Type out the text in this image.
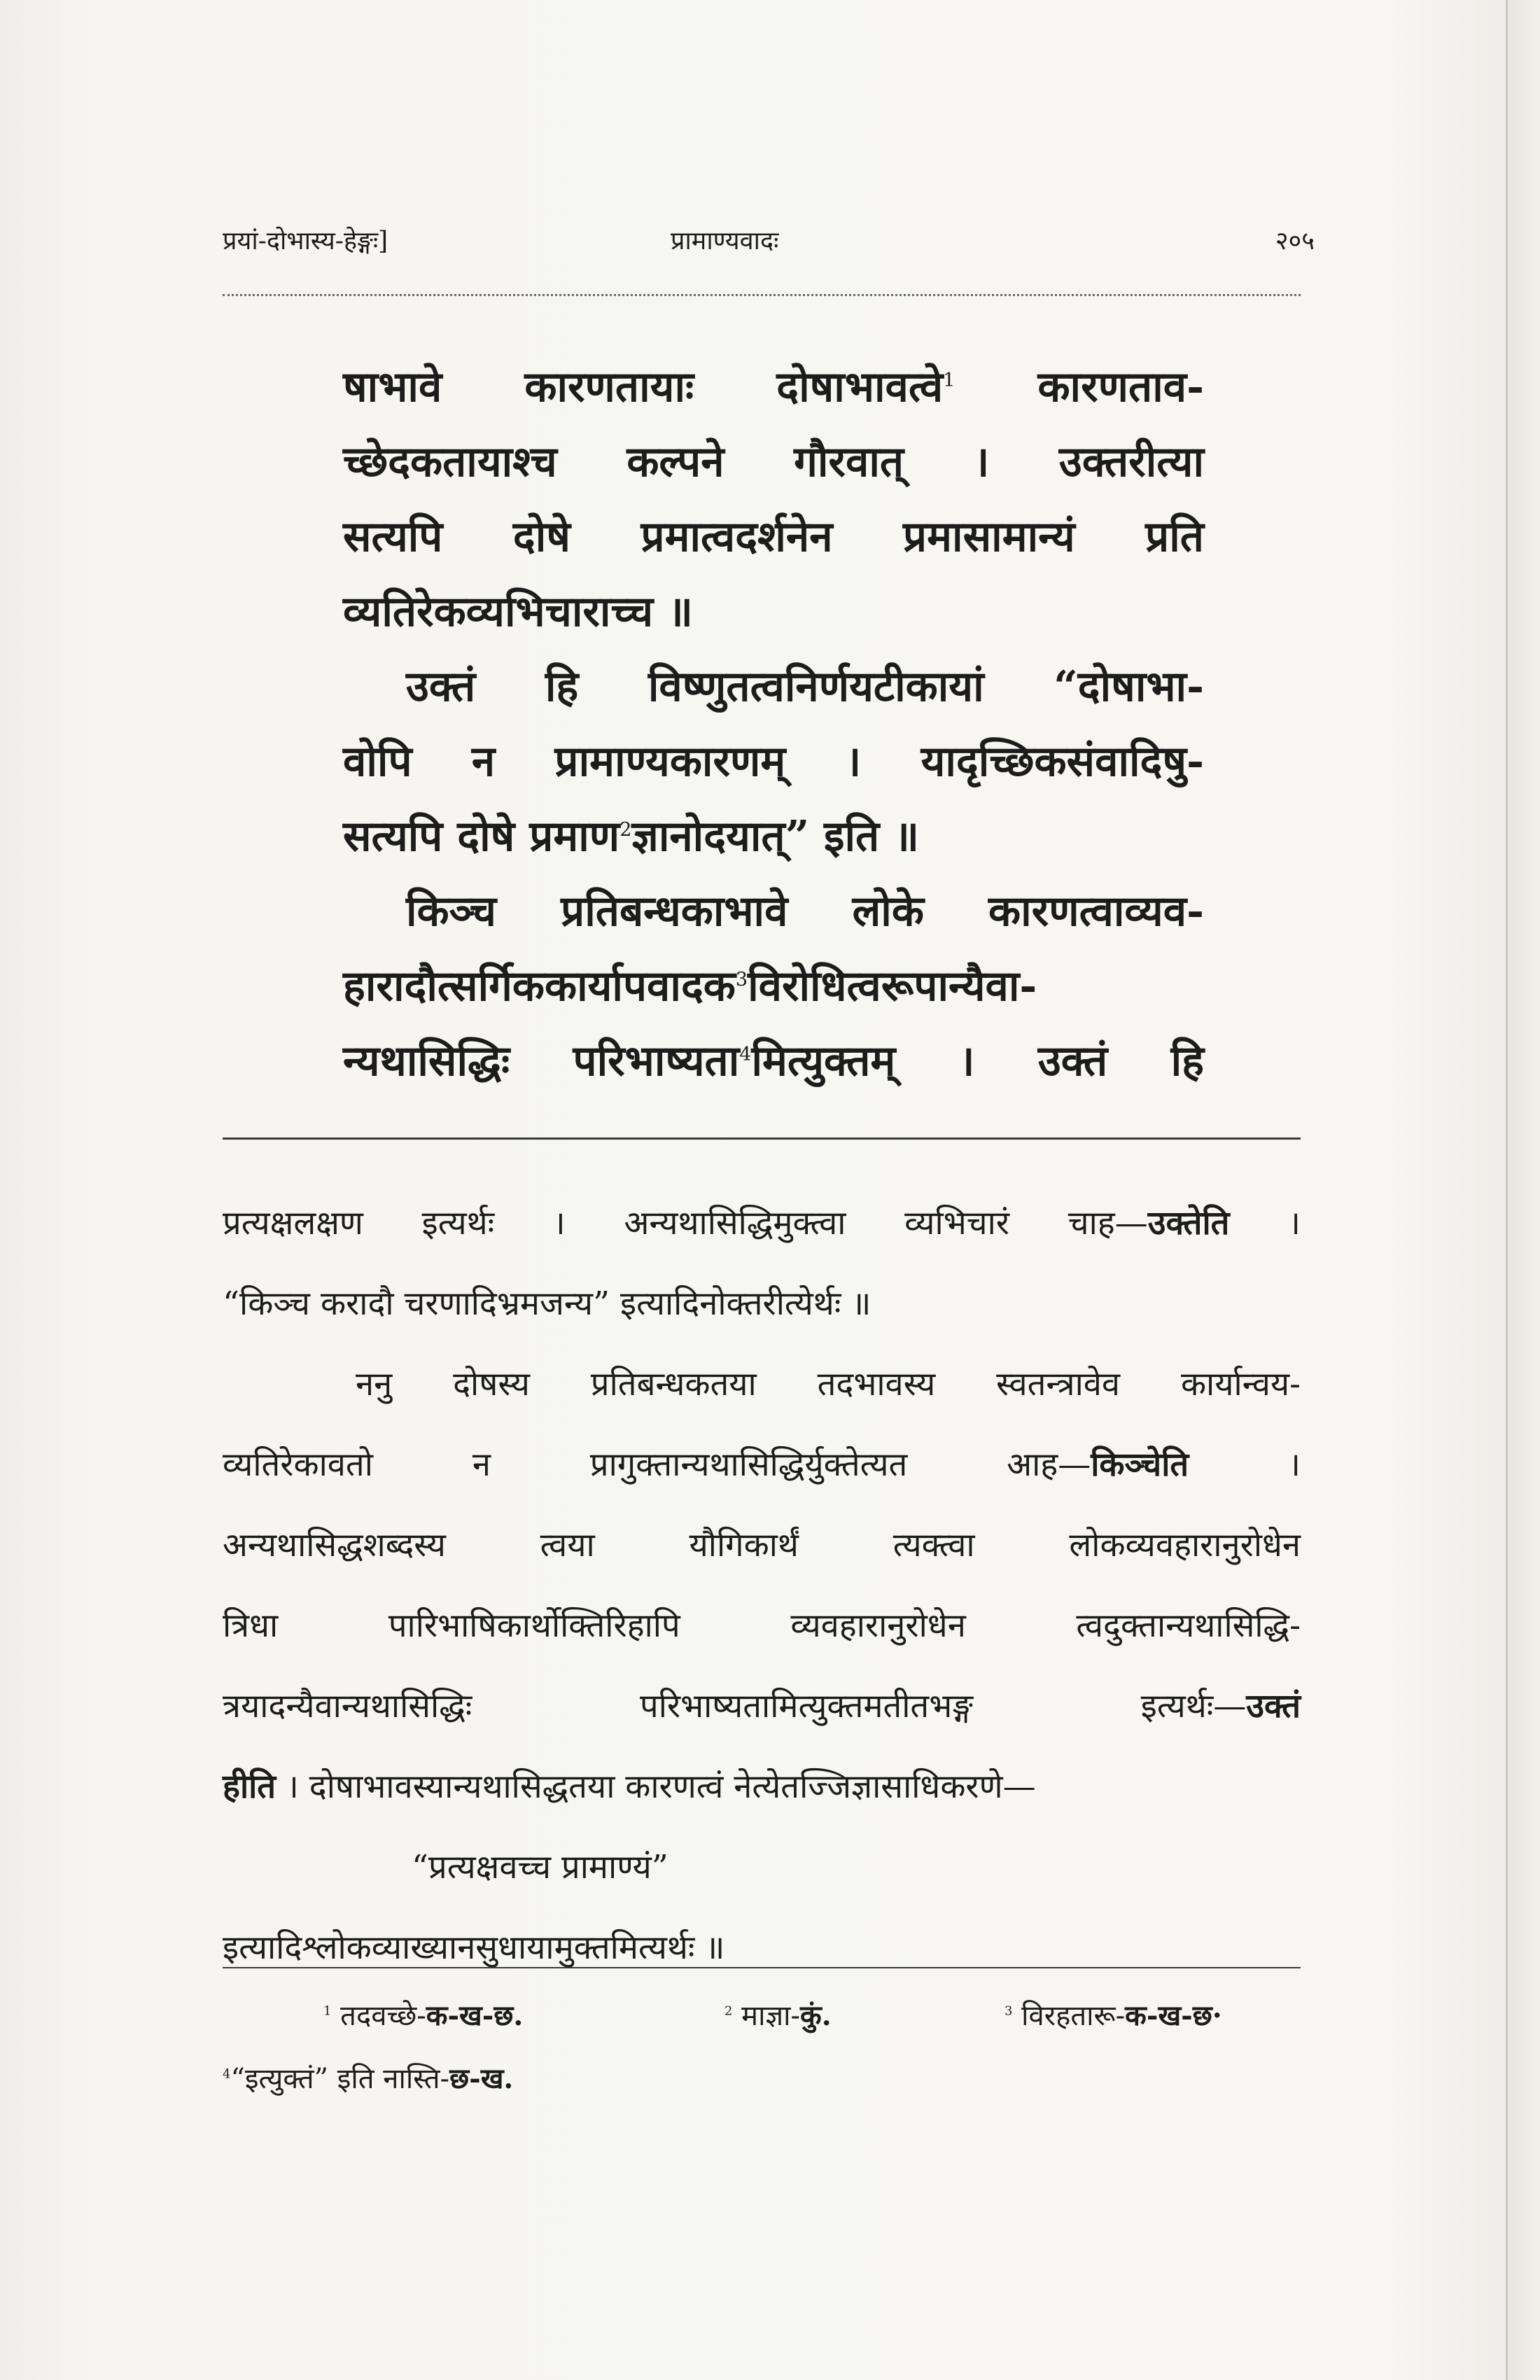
प्रयां-दोभास्य-हेङ्गः]	प्रामाण्यवादः	२०५

षाभावे कारणतायाः दोषाभावत्वे$^1$ कारणताव-

च्छेदकतायाश्च कल्पने गौरवात् । उक्तरीत्या

सत्यपि दोषे प्रमात्वदर्शनेन प्रमासामान्यं प्रति

व्यतिरेकव्यभिचाराच्च ॥

उक्तं हि विष्णुतत्वनिर्णयटीकायां “दोषाभा-

वोपि न प्रामाण्यकारणम् । यादृच्छिकसंवादिषु-

सत्यपि दोषे प्रमाण$^2$ज्ञानोदयात्” इति ॥

किञ्च प्रतिबन्धकाभावे लोके कारणत्वाव्यव-

हारादौत्सर्गिककार्यापवादक$^3$विरोधित्वरूपान्यैवा-

न्यथासिद्धिः परिभाष्यता$^4$मित्युक्तम् । उक्तं हि

प्रत्यक्षलक्षण इत्यर्थः । अन्यथासिद्धिमुक्त्वा व्यभिचारं चाह—उक्तेति ।

“किञ्च करादौ चरणादिभ्रमजन्य” इत्यादिनोक्तरीत्येर्थः ॥

ननु दोषस्य प्रतिबन्धकतया तदभावस्य स्वतन्त्रावेव कार्यान्वय-

व्यतिरेकावतो न प्रागुक्तान्यथासिद्धिर्युक्तेत्यत आह—किञ्चेति ।

अन्यथासिद्धशब्दस्य त्वया यौगिकार्थं त्यक्त्वा लोकव्यवहारानुरोधेन

त्रिधा पारिभाषिकार्थोक्तिरिहापि व्यवहारानुरोधेन त्वदुक्तान्यथासिद्धि-

त्रयादन्यैवान्यथासिद्धिः परिभाष्यतामित्युक्तमतीतभङ्ग इत्यर्थः—उक्तं

हीति । दोषाभावस्यान्यथासिद्धतया कारणत्वं नेत्येतज्जिज्ञासाधिकरणे—

“प्रत्यक्षवच्च प्रामाण्यं”

इत्यादिश्लोकव्याख्यानसुधायामुक्तमित्यर्थः ॥

$^1$ तदवच्छे-क-ख-छ.	$^2$ माज्ञा-कुं.	$^3$ विरहतारू-क-ख-छ·
$^4$“इत्युक्तं” इति नास्ति-छ-ख.
